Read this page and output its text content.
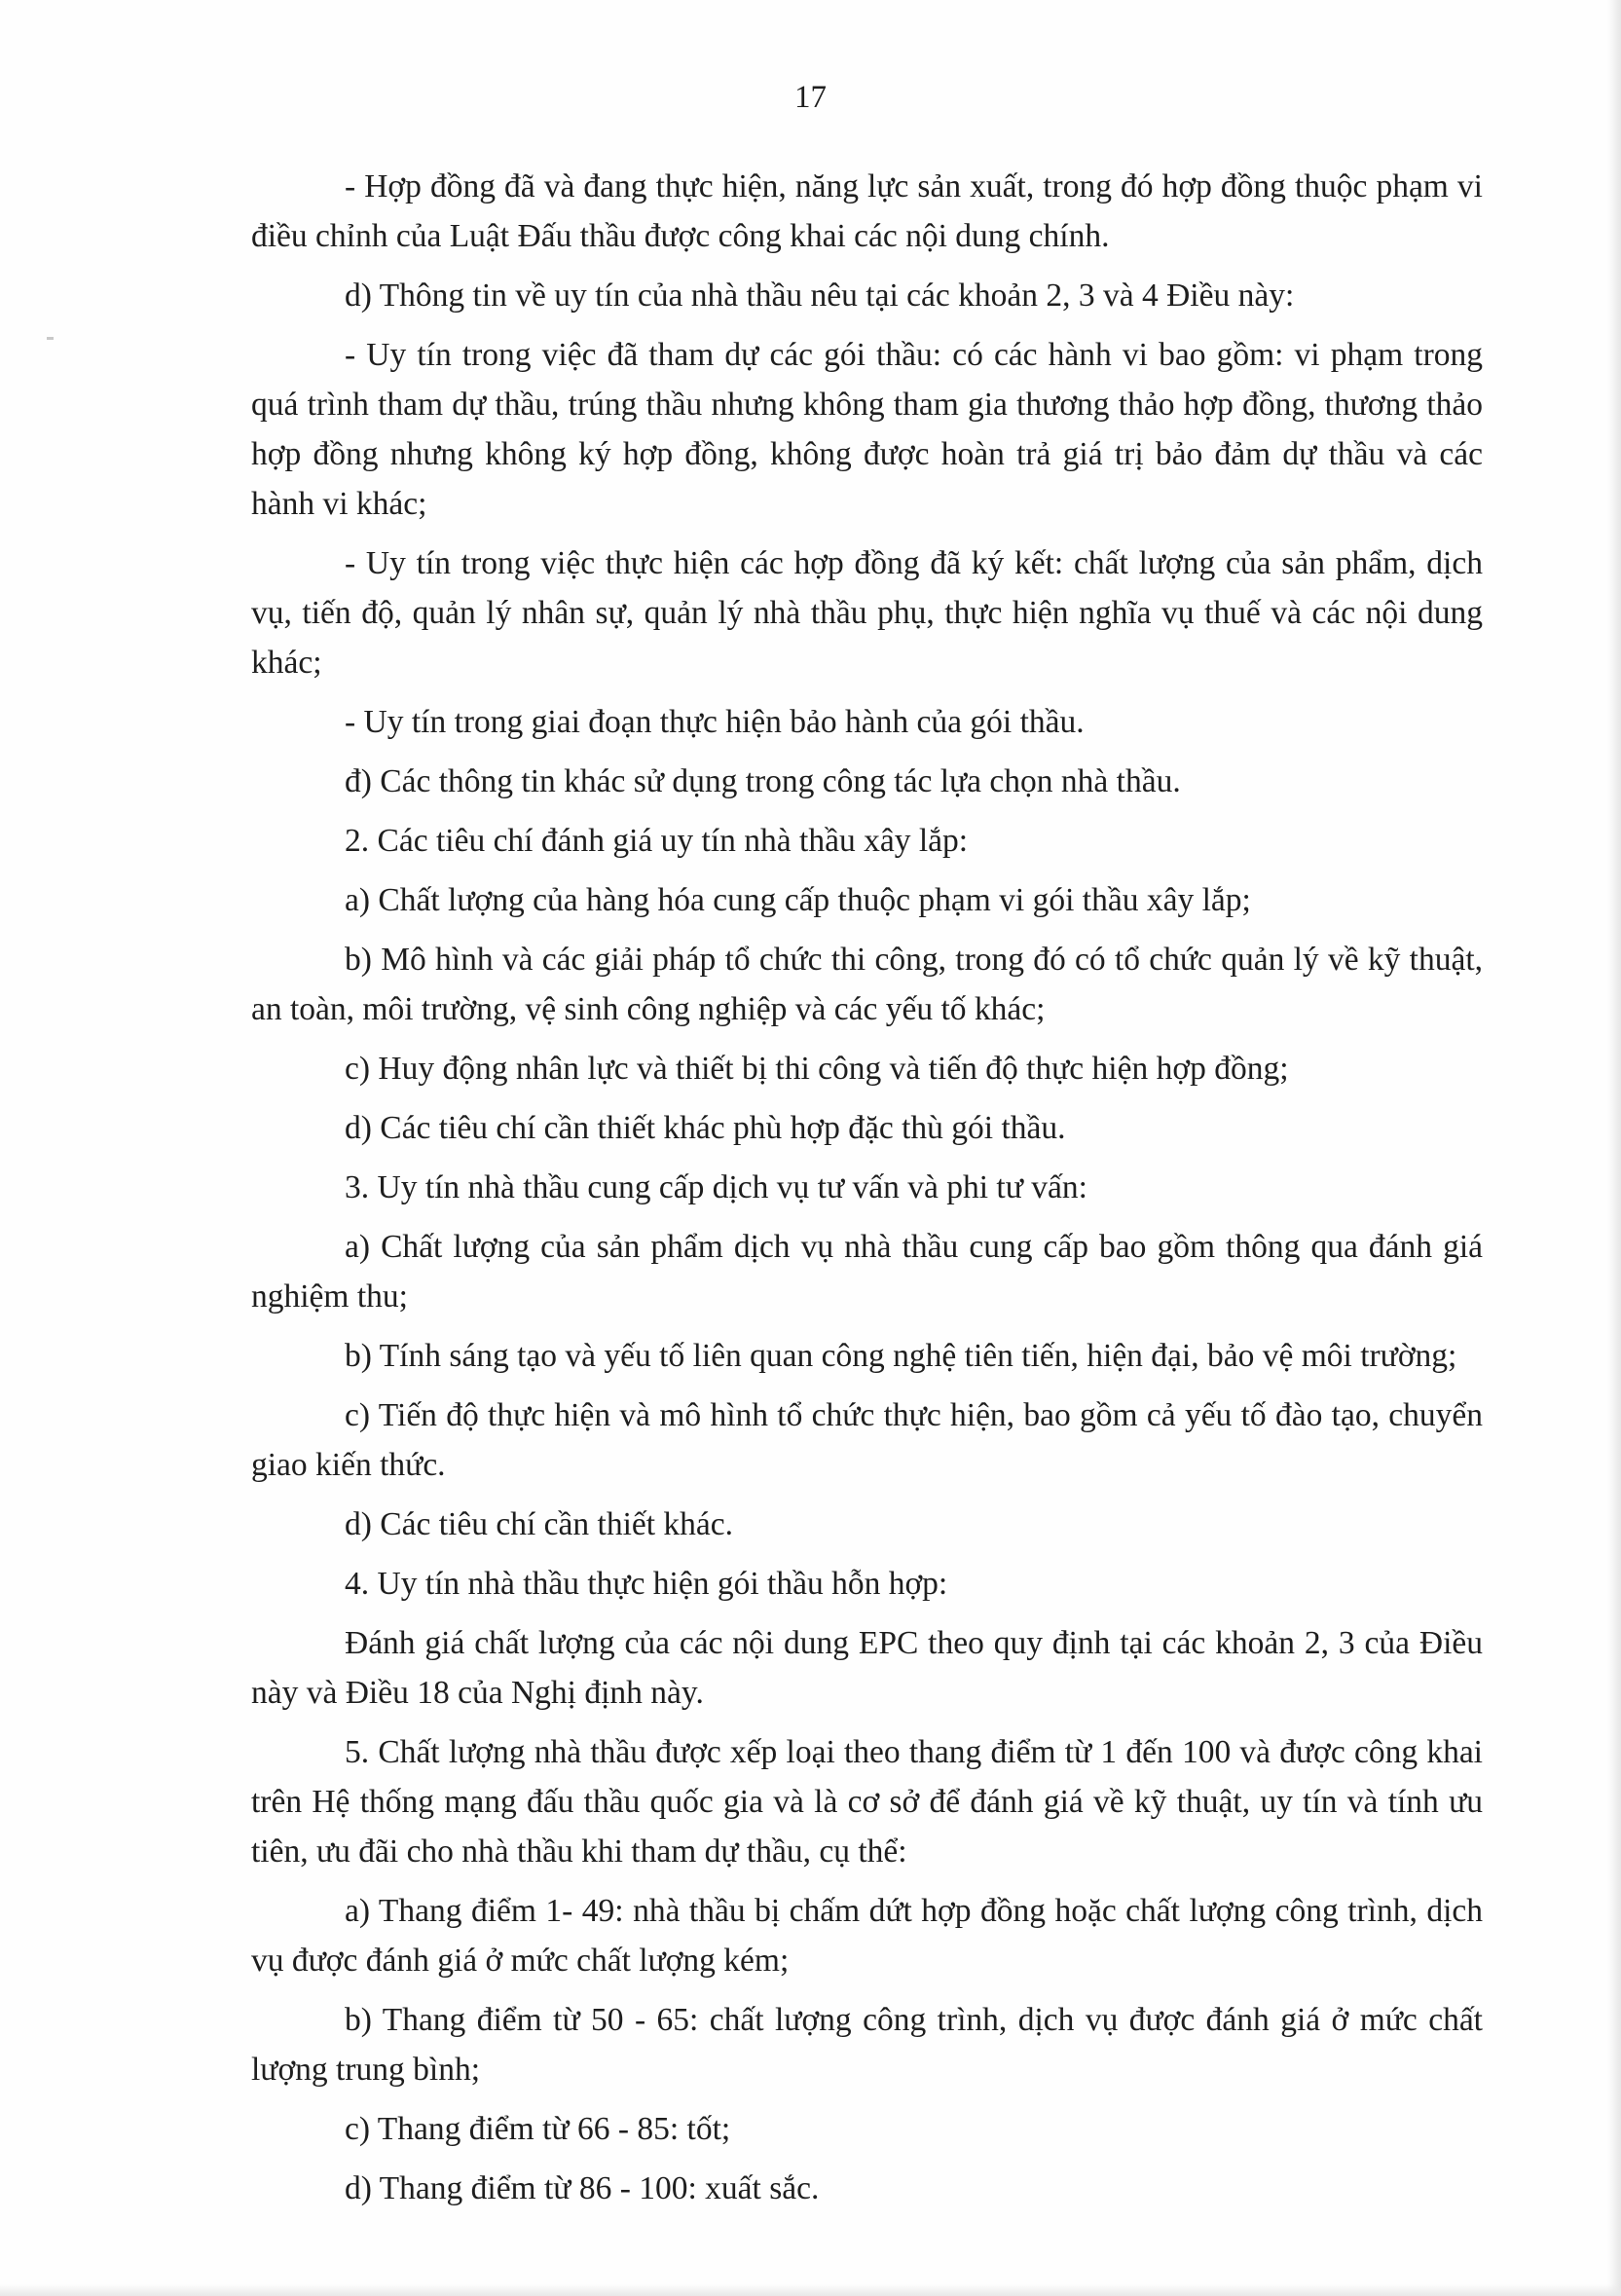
17

- Hợp đồng đã và đang thực hiện, năng lực sản xuất, trong đó hợp đồng thuộc phạm vi điều chỉnh của Luật Đấu thầu được công khai các nội dung chính.

d) Thông tin về uy tín của nhà thầu nêu tại các khoản 2, 3 và 4 Điều này:

- Uy tín trong việc đã tham dự các gói thầu: có các hành vi bao gồm: vi phạm trong quá trình tham dự thầu, trúng thầu nhưng không tham gia thương thảo hợp đồng, thương thảo hợp đồng nhưng không ký hợp đồng, không được hoàn trả giá trị bảo đảm dự thầu và các hành vi khác;

- Uy tín trong việc thực hiện các hợp đồng đã ký kết: chất lượng của sản phẩm, dịch vụ, tiến độ, quản lý nhân sự, quản lý nhà thầu phụ, thực hiện nghĩa vụ thuế và các nội dung khác;

- Uy tín trong giai đoạn thực hiện bảo hành của gói thầu.

đ) Các thông tin khác sử dụng trong công tác lựa chọn nhà thầu.

2. Các tiêu chí đánh giá uy tín nhà thầu xây lắp:

a) Chất lượng của hàng hóa cung cấp thuộc phạm vi gói thầu xây lắp;

b) Mô hình và các giải pháp tổ chức thi công, trong đó có tổ chức quản lý về kỹ thuật, an toàn, môi trường, vệ sinh công nghiệp và các yếu tố khác;

c) Huy động nhân lực và thiết bị thi công và tiến độ thực hiện hợp đồng;

d) Các tiêu chí cần thiết khác phù hợp đặc thù gói thầu.

3. Uy tín nhà thầu cung cấp dịch vụ tư vấn và phi tư vấn:

a) Chất lượng của sản phẩm dịch vụ nhà thầu cung cấp bao gồm thông qua đánh giá nghiệm thu;

b) Tính sáng tạo và yếu tố liên quan công nghệ tiên tiến, hiện đại, bảo vệ môi trường;

c) Tiến độ thực hiện và mô hình tổ chức thực hiện, bao gồm cả yếu tố đào tạo, chuyển giao kiến thức.

d) Các tiêu chí cần thiết khác.

4. Uy tín nhà thầu thực hiện gói thầu hỗn hợp:

Đánh giá chất lượng của các nội dung EPC theo quy định tại các khoản 2, 3 của Điều này và Điều 18 của Nghị định này.

5. Chất lượng nhà thầu được xếp loại theo thang điểm từ 1 đến 100 và được công khai trên Hệ thống mạng đấu thầu quốc gia và là cơ sở để đánh giá về kỹ thuật, uy tín và tính ưu tiên, ưu đãi cho nhà thầu khi tham dự thầu, cụ thể:

a) Thang điểm 1- 49: nhà thầu bị chấm dứt hợp đồng hoặc chất lượng công trình, dịch vụ được đánh giá ở mức chất lượng kém;

b) Thang điểm từ 50 - 65: chất lượng công trình, dịch vụ được đánh giá ở mức chất lượng trung bình;

c) Thang điểm từ 66 - 85: tốt;

d) Thang điểm từ 86 - 100: xuất sắc.
